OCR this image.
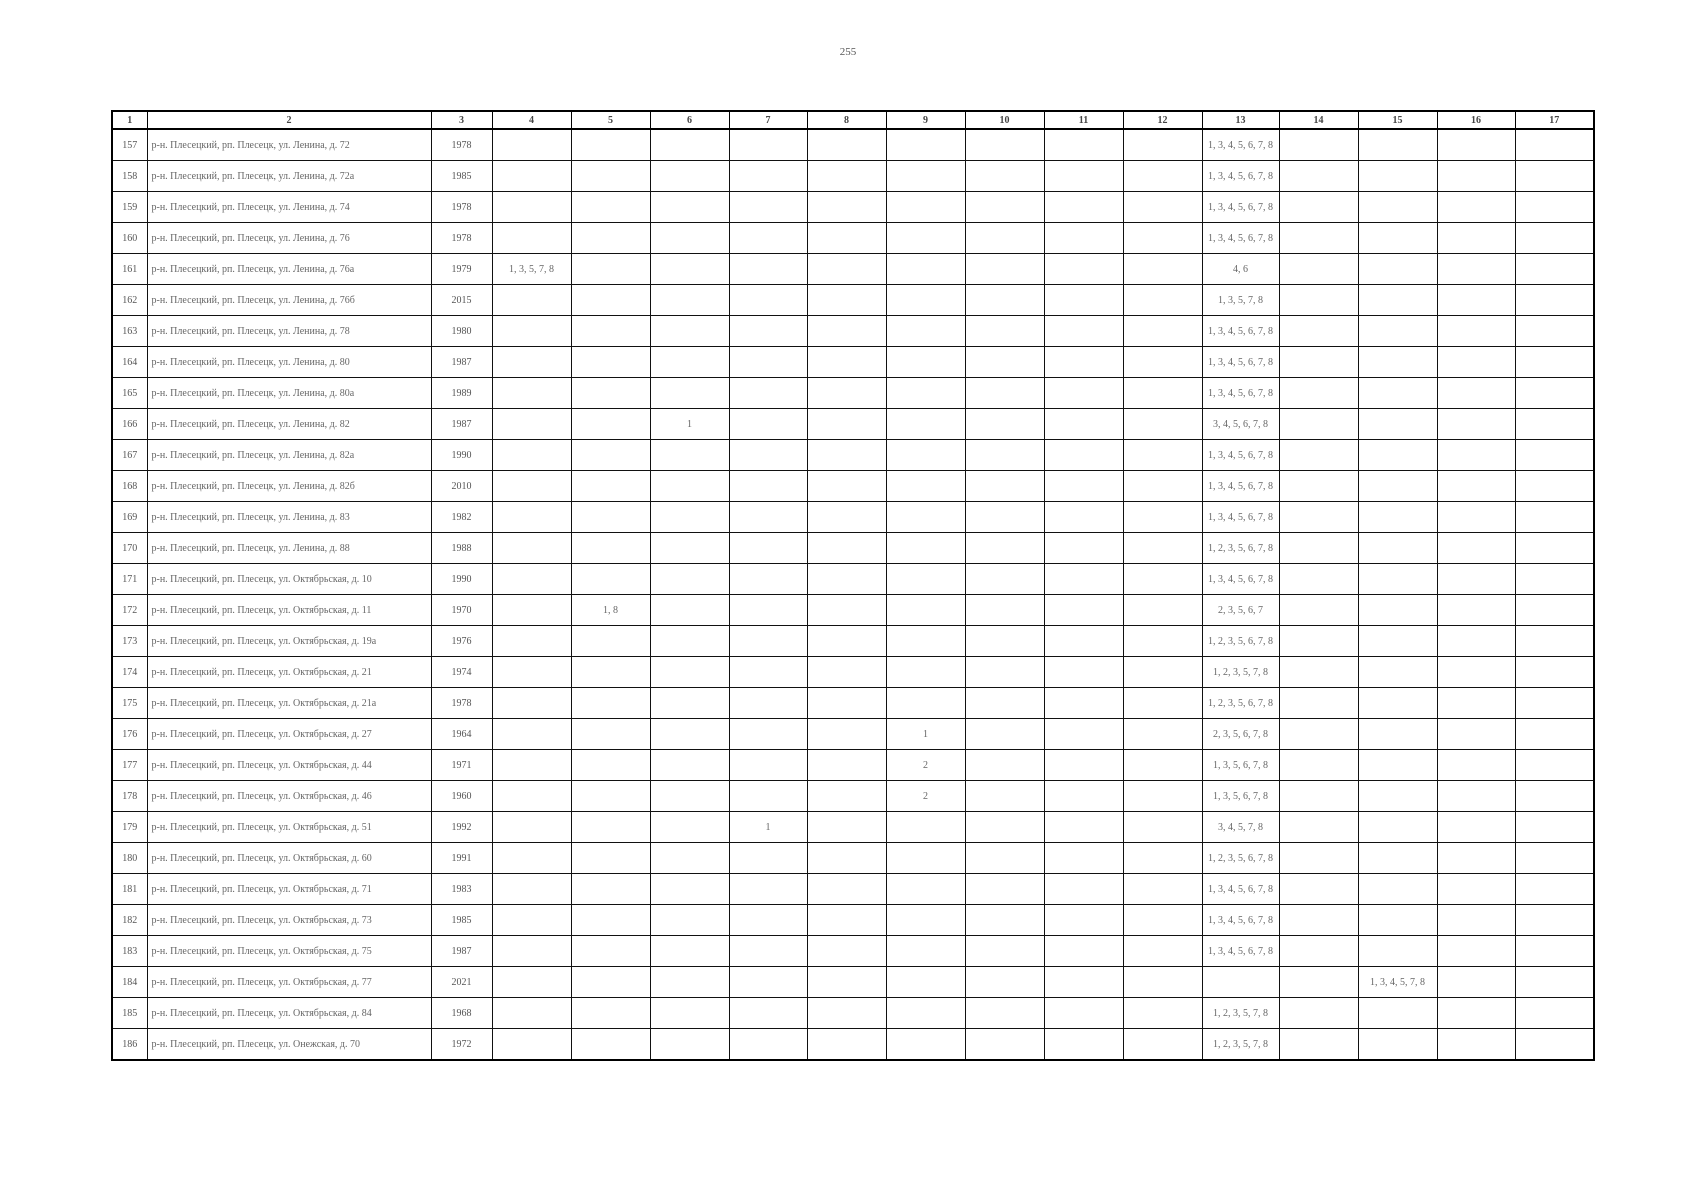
255
1	2	3	4	5	6	7	8	9	10	11	12	13	14	15	16	17
157	р-н. Плесецкий, рп. Плесецк, ул. Ленина, д. 72	1978										1, 3, 4, 5, 6, 7, 8				
158	р-н. Плесецкий, рп. Плесецк, ул. Ленина, д. 72а	1985										1, 3, 4, 5, 6, 7, 8				
159	р-н. Плесецкий, рп. Плесецк, ул. Ленина, д. 74	1978										1, 3, 4, 5, 6, 7, 8				
160	р-н. Плесецкий, рп. Плесецк, ул. Ленина, д. 76	1978										1, 3, 4, 5, 6, 7, 8				
161	р-н. Плесецкий, рп. Плесецк, ул. Ленина, д. 76а	1979	1, 3, 5, 7, 8									4, 6				
162	р-н. Плесецкий, рп. Плесецк, ул. Ленина, д. 76б	2015										1, 3, 5, 7, 8				
163	р-н. Плесецкий, рп. Плесецк, ул. Ленина, д. 78	1980										1, 3, 4, 5, 6, 7, 8				
164	р-н. Плесецкий, рп. Плесецк, ул. Ленина, д. 80	1987										1, 3, 4, 5, 6, 7, 8				
165	р-н. Плесецкий, рп. Плесецк, ул. Ленина, д. 80а	1989										1, 3, 4, 5, 6, 7, 8				
166	р-н. Плесецкий, рп. Плесецк, ул. Ленина, д. 82	1987			1							3, 4, 5, 6, 7, 8				
167	р-н. Плесецкий, рп. Плесецк, ул. Ленина, д. 82а	1990										1, 3, 4, 5, 6, 7, 8				
168	р-н. Плесецкий, рп. Плесецк, ул. Ленина, д. 82б	2010										1, 3, 4, 5, 6, 7, 8				
169	р-н. Плесецкий, рп. Плесецк, ул. Ленина, д. 83	1982										1, 3, 4, 5, 6, 7, 8				
170	р-н. Плесецкий, рп. Плесецк, ул. Ленина, д. 88	1988										1, 2, 3, 5, 6, 7, 8				
171	р-н. Плесецкий, рп. Плесецк, ул. Октябрьская, д. 10	1990										1, 3, 4, 5, 6, 7, 8				
172	р-н. Плесецкий, рп. Плесецк, ул. Октябрьская, д. 11	1970		1, 8								2, 3, 5, 6, 7				
173	р-н. Плесецкий, рп. Плесецк, ул. Октябрьская, д. 19а	1976										1, 2, 3, 5, 6, 7, 8				
174	р-н. Плесецкий, рп. Плесецк, ул. Октябрьская, д. 21	1974										1, 2, 3, 5, 7, 8				
175	р-н. Плесецкий, рп. Плесецк, ул. Октябрьская, д. 21а	1978										1, 2, 3, 5, 6, 7, 8				
176	р-н. Плесецкий, рп. Плесецк, ул. Октябрьская, д. 27	1964						1				2, 3, 5, 6, 7, 8				
177	р-н. Плесецкий, рп. Плесецк, ул. Октябрьская, д. 44	1971						2				1, 3, 5, 6, 7, 8				
178	р-н. Плесецкий, рп. Плесецк, ул. Октябрьская, д. 46	1960						2				1, 3, 5, 6, 7, 8				
179	р-н. Плесецкий, рп. Плесецк, ул. Октябрьская, д. 51	1992				1						3, 4, 5, 7, 8				
180	р-н. Плесецкий, рп. Плесецк, ул. Октябрьская, д. 60	1991										1, 2, 3, 5, 6, 7, 8				
181	р-н. Плесецкий, рп. Плесецк, ул. Октябрьская, д. 71	1983										1, 3, 4, 5, 6, 7, 8				
182	р-н. Плесецкий, рп. Плесецк, ул. Октябрьская, д. 73	1985										1, 3, 4, 5, 6, 7, 8				
183	р-н. Плесецкий, рп. Плесецк, ул. Октябрьская, д. 75	1987										1, 3, 4, 5, 6, 7, 8				
184	р-н. Плесецкий, рп. Плесецк, ул. Октябрьская, д. 77	2021												1, 3, 4, 5, 7, 8		
185	р-н. Плесецкий, рп. Плесецк, ул. Октябрьская, д. 84	1968										1, 2, 3, 5, 7, 8				
186	р-н. Плесецкий, рп. Плесецк, ул. Онежская, д. 70	1972										1, 2, 3, 5, 7, 8				
